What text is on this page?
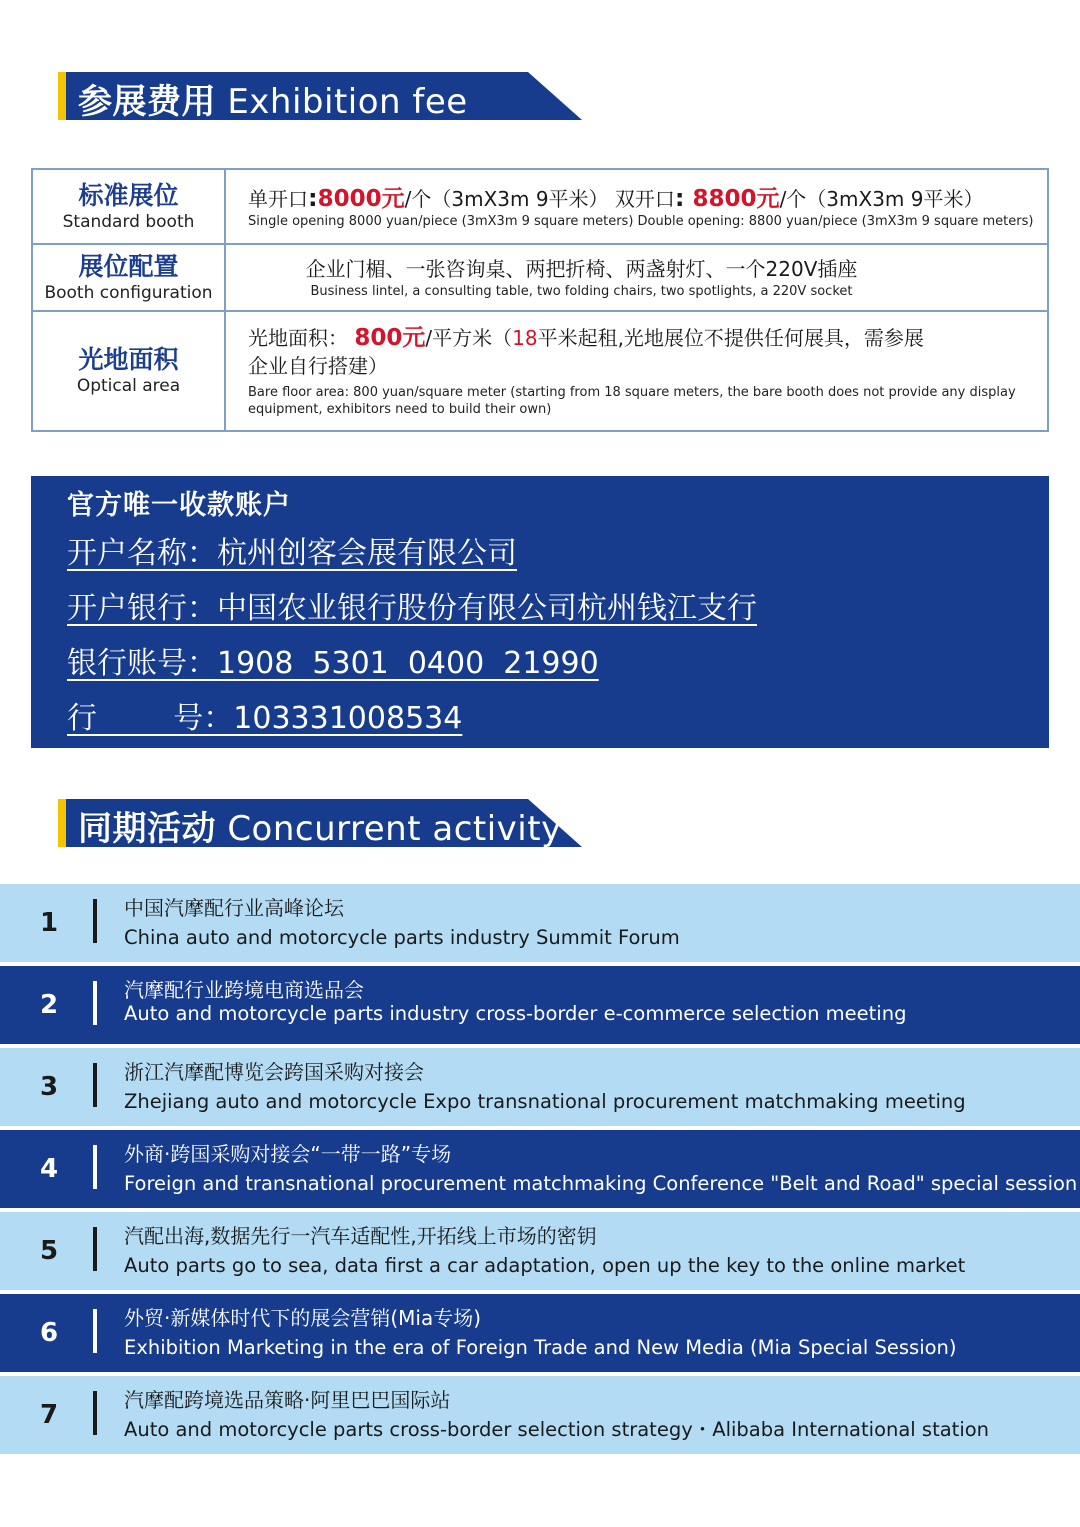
参展费用 Exhibition fee
标准展位
Standard booth
单开口:8000元/个（3mX3m 9平米） 双开口: 8800元/个（3mX3m 9平米）
Single opening 8000 yuan/piece (3mX3m 9 square meters) Double opening: 8800 yuan/piece (3mX3m 9 square meters)
展位配置
Booth configuration
企业门楣、一张咨询桌、两把折椅、两盏射灯、一个220V插座
Business lintel, a consulting table, two folding chairs, two spotlights, a 220V socket
光地面积
Optical area
光地面积： 800元/平方米（18平米起租,光地展位不提供任何展具，需参展
企业自行搭建）
Bare floor area: 800 yuan/square meter (starting from 18 square meters, the bare booth does not provide any display equipment, exhibitors need to build their own)
官方唯一收款账户
开户名称：杭州创客会展有限公司
开户银行：中国农业银行股份有限公司杭州钱江支行
银行账号：1908  5301  0400  21990
行        号：103331008534
同期活动 Concurrent activity
1	中国汽摩配行业高峰论坛
China auto and motorcycle parts industry Summit Forum
2	汽摩配行业跨境电商选品会
Auto and motorcycle parts industry cross-border e-commerce selection meeting
3	浙江汽摩配博览会跨国采购对接会
Zhejiang auto and motorcycle Expo transnational procurement matchmaking meeting
4	外商·跨国采购对接会“一带一路”专场
Foreign and transnational procurement matchmaking Conference "Belt and Road" special session
5	汽配出海,数据先行一汽车适配性,开拓线上市场的密钥
Auto parts go to sea, data first a car adaptation, open up the key to the online market
6	外贸·新媒体时代下的展会营销(Mia专场)
Exhibition Marketing in the era of Foreign Trade and New Media (Mia Special Session)
7	汽摩配跨境选品策略·阿里巴巴国际站
Auto and motorcycle parts cross-border selection strategy・Alibaba International station
